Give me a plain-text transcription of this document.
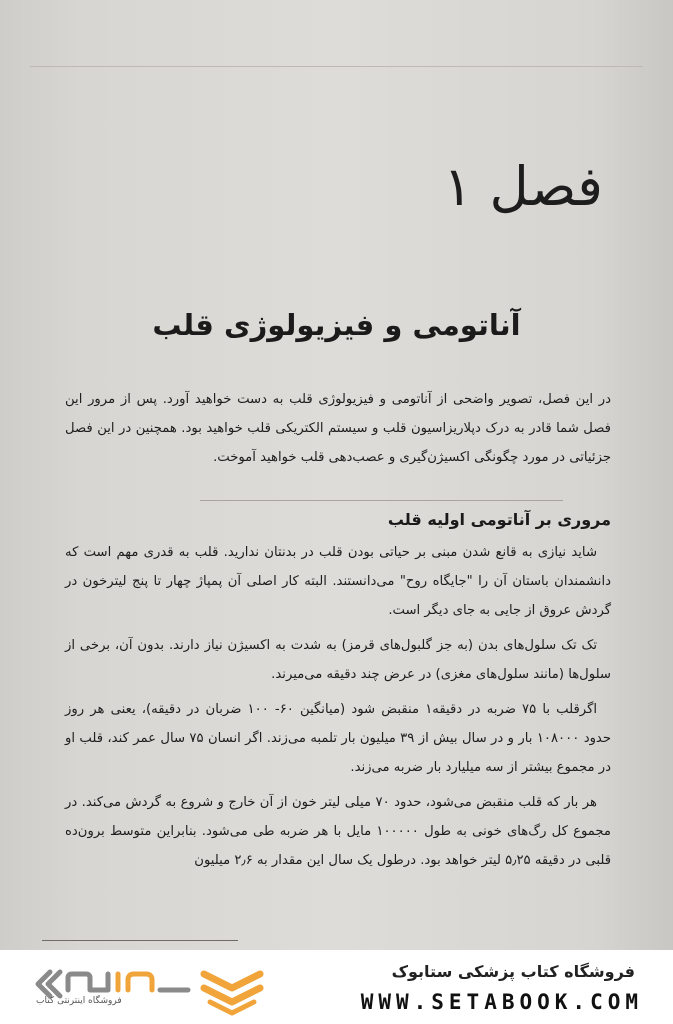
فصل ۱
آناتومی و فیزیولوژی قلب
در این فصل، تصویر واضحی از آناتومی و فیزیولوژی قلب به دست خواهید آورد. پس از مرور این فصل شما قادر به درک دپلاریزاسیون قلب و سیستم الکتریکی قلب خواهید بود. همچنین در این فصل جزئیاتی در مورد چگونگی اکسیژن‌گیری و عصب‌دهی قلب خواهید آموخت.
مروری بر آناتومی اولیه قلب

شاید نیازی به قانع شدن مبنی بر حیاتی بودن قلب در بدنتان ندارید. قلب به قدری مهم است که دانشمندان باستان آن را "جایگاه روح" می‌دانستند. البته کار اصلی آن پمپاژ چهار تا پنج لیترخون در گردش عروق از جایی به جای دیگر است.

تک تک سلول‌های بدن (به جز گلبول‌های قرمز) به شدت به اکسیژن نیاز دارند. بدون آن، برخی از سلول‌ها (مانند سلول‌های مغزی) در عرض چند دقیقه می‌میرند.

اگرقلب با ۷۵ ضربه در دقیقه۱ منقبض شود (میانگین ۶۰- ۱۰۰ ضربان در دقیقه)، یعنی هر روز حدود ۱۰۸۰۰۰ بار و در سال بیش از ۳۹ میلیون بار تلمبه می‌زند. اگر انسان ۷۵ سال عمر کند، قلب او در مجموع بیشتر از سه میلیارد بار ضربه می‌زند.

هر بار که قلب منقبض می‌شود، حدود ۷۰ میلی لیتر خون از آن خارج و شروع به گردش می‌کند. در مجموع کل رگ‌های خونی به طول ۱۰۰۰۰۰ مایل با هر ضربه طی می‌شود. بنابراین متوسط برون‌ده قلبی در دقیقه ۵٫۲۵ لیتر خواهد بود. درطول یک سال این مقدار به ۲٫۶ میلیون

فروشگاه اینترنتی کتاب
فروشگاه کتاب پزشکی ستابوک
WWW.SETABOOK.COM
